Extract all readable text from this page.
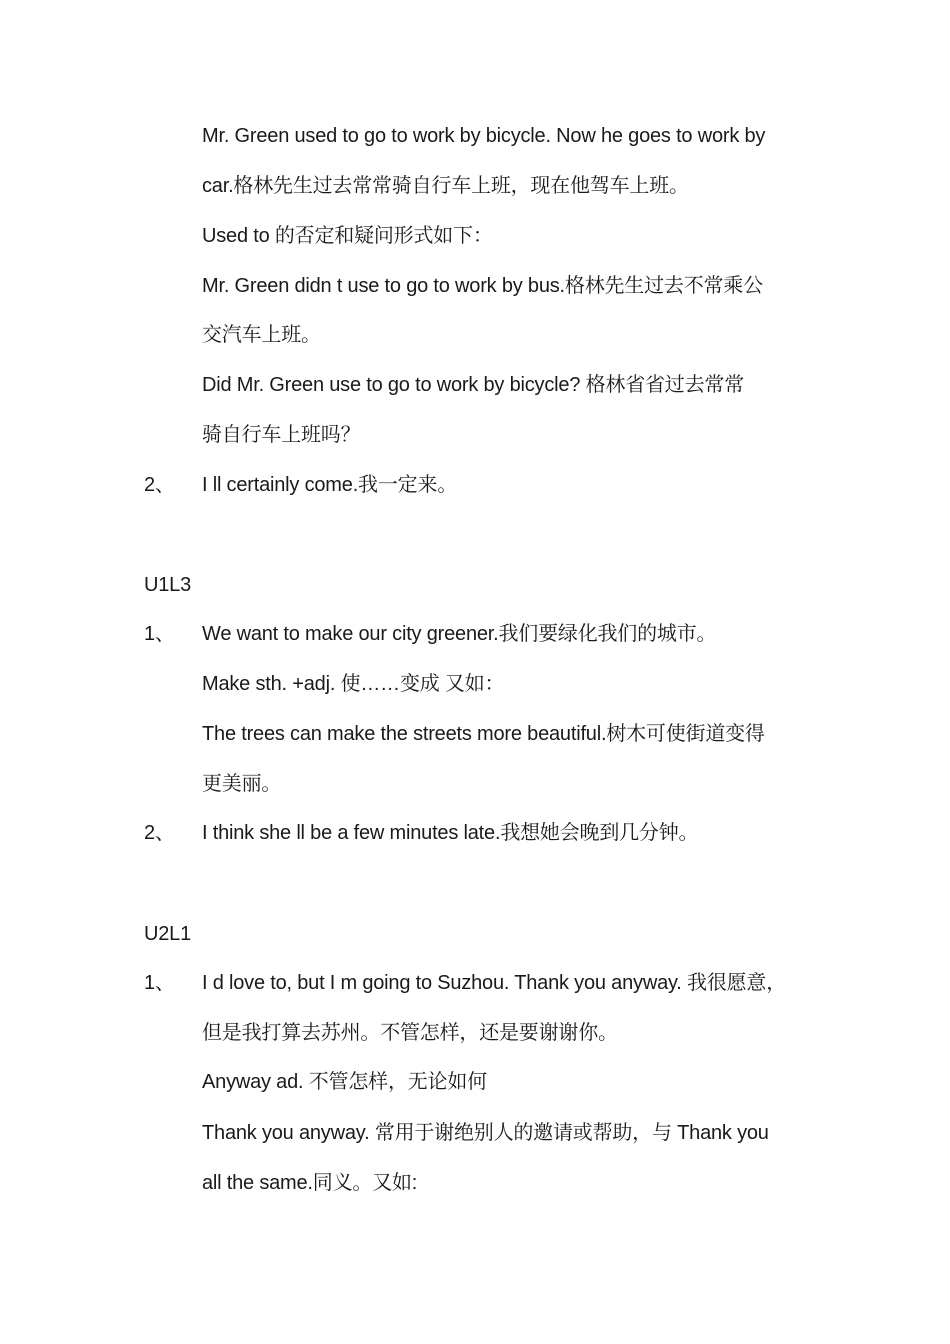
Mr. Green used to go to work by bicycle. Now he goes to work by
car.格林先生过去常常骑自行车上班，现在他驾车上班。
Used to 的否定和疑问形式如下：
Mr. Green didn t use to go to work by bus.格林先生过去不常乘公
交汽车上班。
Did Mr. Green use to go to work by bicycle? 格林省省过去常常
骑自行车上班吗？
2、 I ll certainly come.我一定来。
U1L3
1、 We want to make our city greener.我们要绿化我们的城市。
Make sth. +adj. 使……变成 又如：
The trees can make the streets more beautiful.树木可使街道变得
更美丽。
2、 I think she ll be a few minutes late.我想她会晚到几分钟。
U2L1
1、 I d love to, but I m going to Suzhou. Thank you anyway. 我很愿意，
但是我打算去苏州。不管怎样，还是要谢谢你。
Anyway ad. 不管怎样，无论如何
Thank you anyway. 常用于谢绝别人的邀请或帮助，与 Thank you
all the same.同义。又如:
